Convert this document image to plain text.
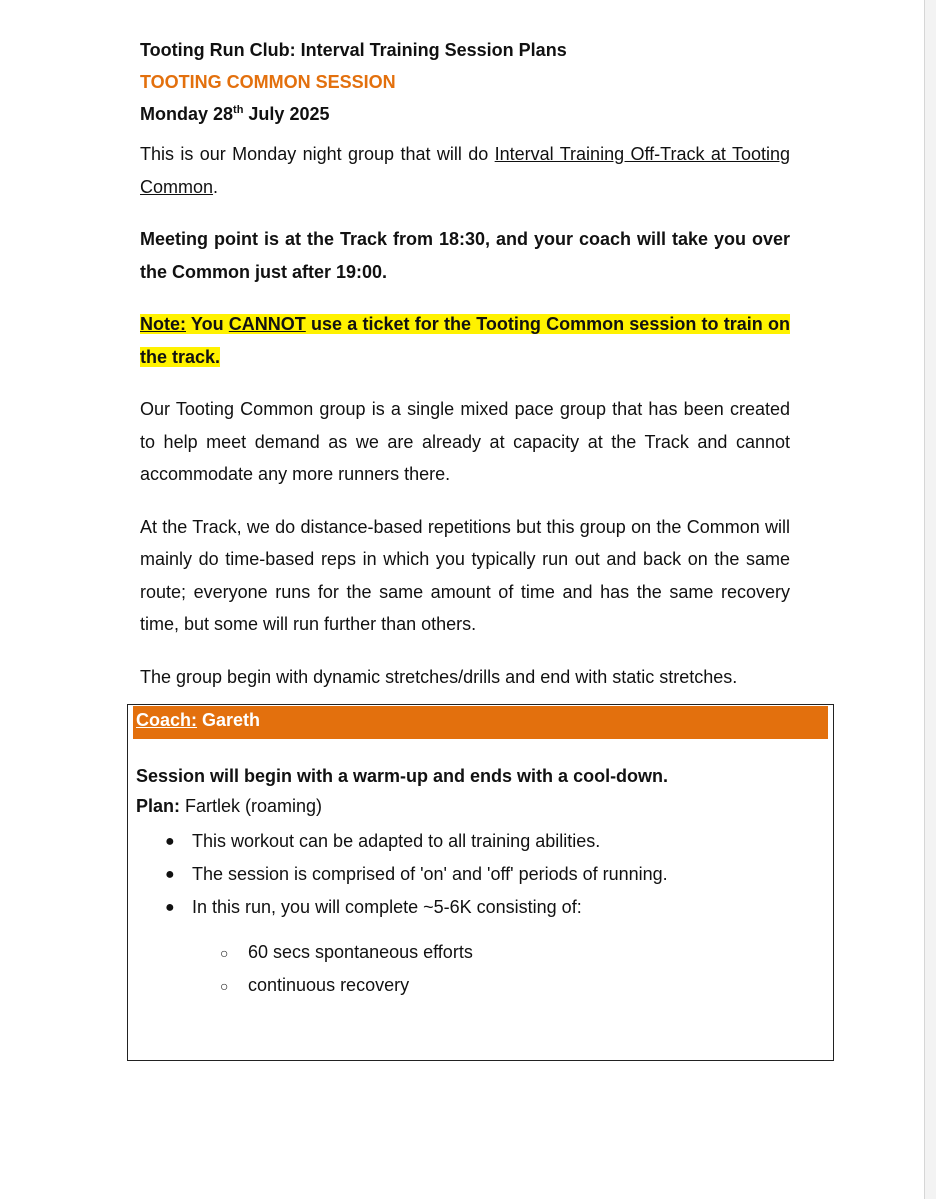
Tooting Run Club: Interval Training Session Plans
TOOTING COMMON SESSION
Monday 28th July 2025

This is our Monday night group that will do Interval Training Off-Track at Tooting Common.

Meeting point is at the Track from 18:30, and your coach will take you over the Common just after 19:00.

Note: You CANNOT use a ticket for the Tooting Common session to train on the track.

Our Tooting Common group is a single mixed pace group that has been created to help meet demand as we are already at capacity at the Track and cannot accommodate any more runners there.

At the Track, we do distance-based repetitions but this group on the Common will mainly do time-based reps in which you typically run out and back on the same route; everyone runs for the same amount of time and has the same recovery time, but some will run further than others.

The group begin with dynamic stretches/drills and end with static stretches.

Coach: Gareth
Session will begin with a warm-up and ends with a cool-down.
Plan: Fartlek (roaming)
● This workout can be adapted to all training abilities.
● The session is comprised of 'on' and 'off' periods of running.
● In this run, you will complete ~5-6K consisting of:
○ 60 secs spontaneous efforts
○ continuous recovery
